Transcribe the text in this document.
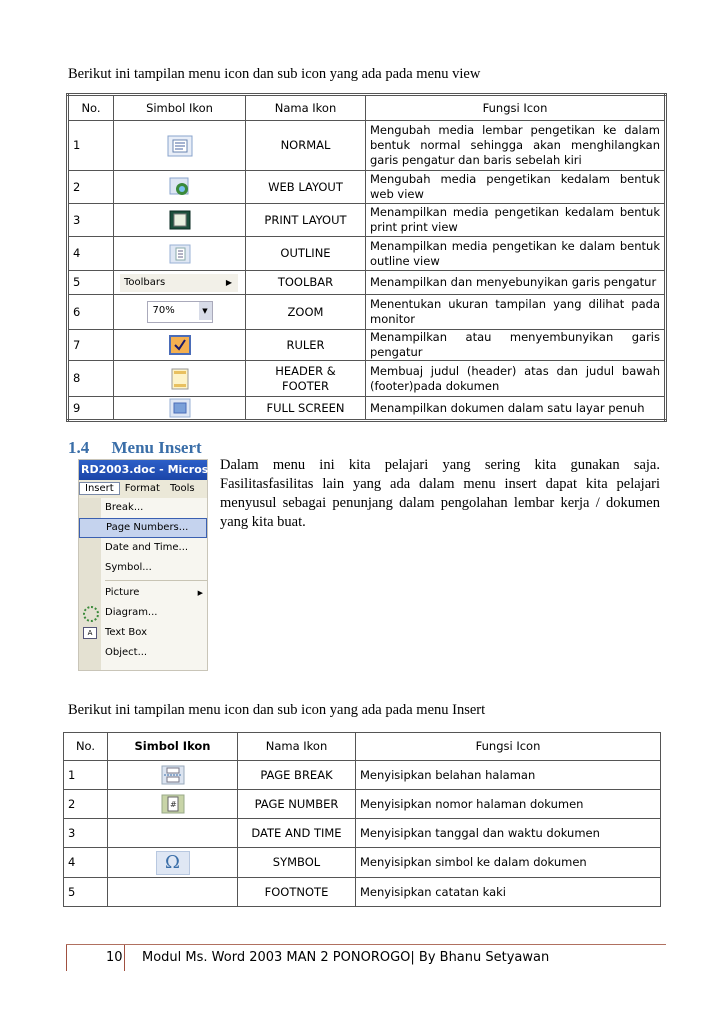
Berikut ini tampilan menu icon dan sub icon yang ada pada menu view
No.	Simbol Ikon	Nama Ikon	Fungsi Icon
1		NORMAL	Mengubah media lembar pengetikan ke dalam bentuk normal sehingga akan menghilangkan garis pengatur dan baris sebelah kiri
2		WEB LAYOUT	Mengubah media pengetikan kedalam bentuk web view
3		PRINT LAYOUT	Menampilkan media pengetikan kedalam bentuk print print view
4		OUTLINE	Menampilkan media pengetikan ke dalam bentuk outline view
5	Toolbars ▶	TOOLBAR	Menampilkan dan menyebunyikan garis pengatur
6	70% ▼	ZOOM	Menentukan ukuran tampilan yang dilihat pada monitor
7		RULER	Menampilkan atau menyembunyikan garis pengatur
8		HEADER & FOOTER	Membuaj judul (header) atas dan judul bawah (footer)pada dokumen
9		FULL SCREEN	Menampilkan dokumen dalam satu layar penuh
1.4 Menu Insert
RD2003.doc - Microsoft
Insert Format Tools
Break...
Page Numbers...
Date and Time...
Symbol...
Picture	▶
Diagram...
A	Text Box
Object...
Dalam menu ini kita pelajari yang sering kita gunakan saja. Fasilitasfasilitas lain yang ada dalam menu insert dapat kita pelajari menyusul sebagai penunjang dalam pengolahan lembar kerja / dokumen yang kita buat.
Berikut ini tampilan menu icon dan sub icon yang ada pada menu Insert
No.	Simbol Ikon	Nama Ikon	Fungsi Icon
1		PAGE BREAK	Menyisipkan belahan halaman
2	#	PAGE NUMBER	Menyisipkan nomor halaman dokumen
3		DATE AND TIME	Menyisipkan tanggal dan waktu dokumen
4	Ω	SYMBOL	Menyisipkan simbol ke dalam dokumen
5		FOOTNOTE	Menyisipkan catatan kaki
10 Modul Ms. Word 2003 MAN 2 PONOROGO| By Bhanu Setyawan
